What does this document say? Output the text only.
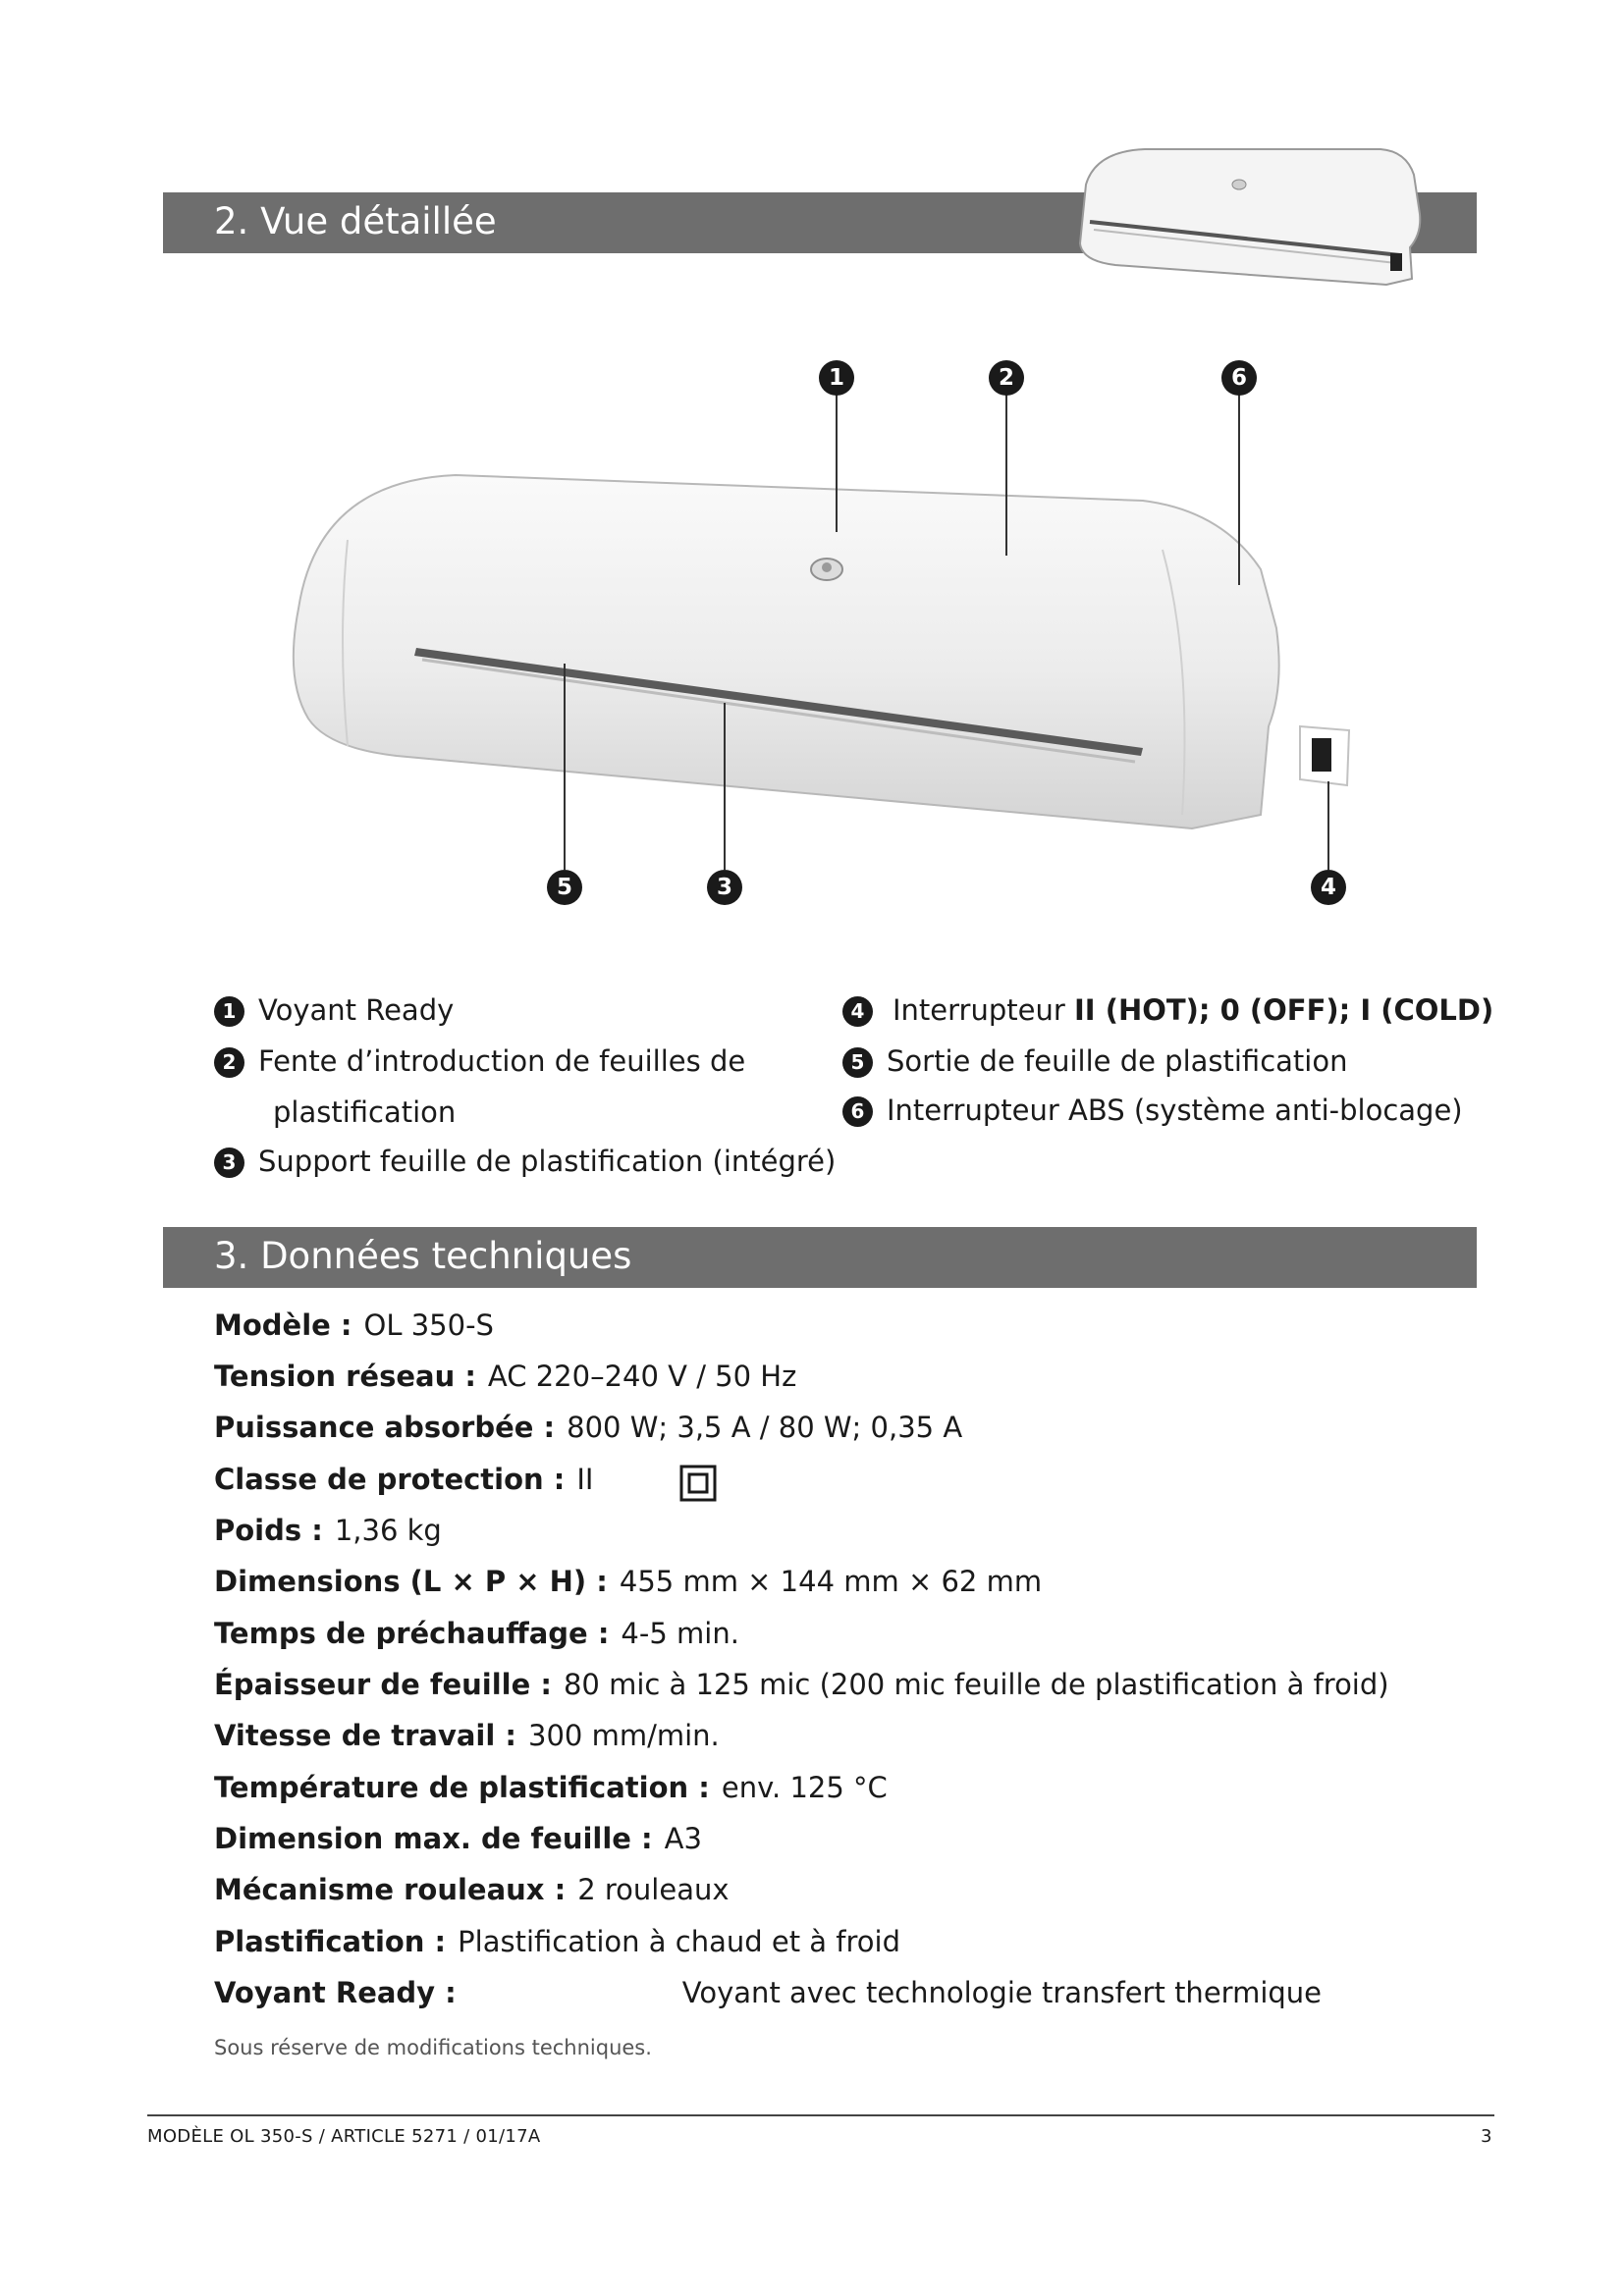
2. Vue détaillée
1	2	6
5	3	4
1 Voyant Ready
2 Fente d’introduction de feuilles de
plastification
3 Support feuille de plastification (intégré)
4 Interrupteur II (HOT); 0 (OFF); I (COLD)
5 Sortie de feuille de plastification
6 Interrupteur ABS (système anti-blocage)
3. Données techniques
Modèle : OL 350-S
Tension réseau : AC 220–240 V / 50 Hz
Puissance absorbée : 800 W; 3,5 A / 80 W; 0,35 A
Classe de protection : II
Poids : 1,36 kg
Dimensions (L × P × H) : 455 mm × 144 mm × 62 mm
Temps de préchauffage : 4-5 min.
Épaisseur de feuille : 80 mic à 125 mic (200 mic feuille de plastification à froid)
Vitesse de travail : 300 mm/min.
Température de plastification : env. 125 °C
Dimension max. de feuille : A3
Mécanisme rouleaux : 2 rouleaux
Plastification : Plastification à chaud et à froid
Voyant Ready :	Voyant avec technologie transfert thermique
Sous réserve de modifications techniques.
MODÈLE OL 350-S / ARTICLE 5271 / 01/17A	3
